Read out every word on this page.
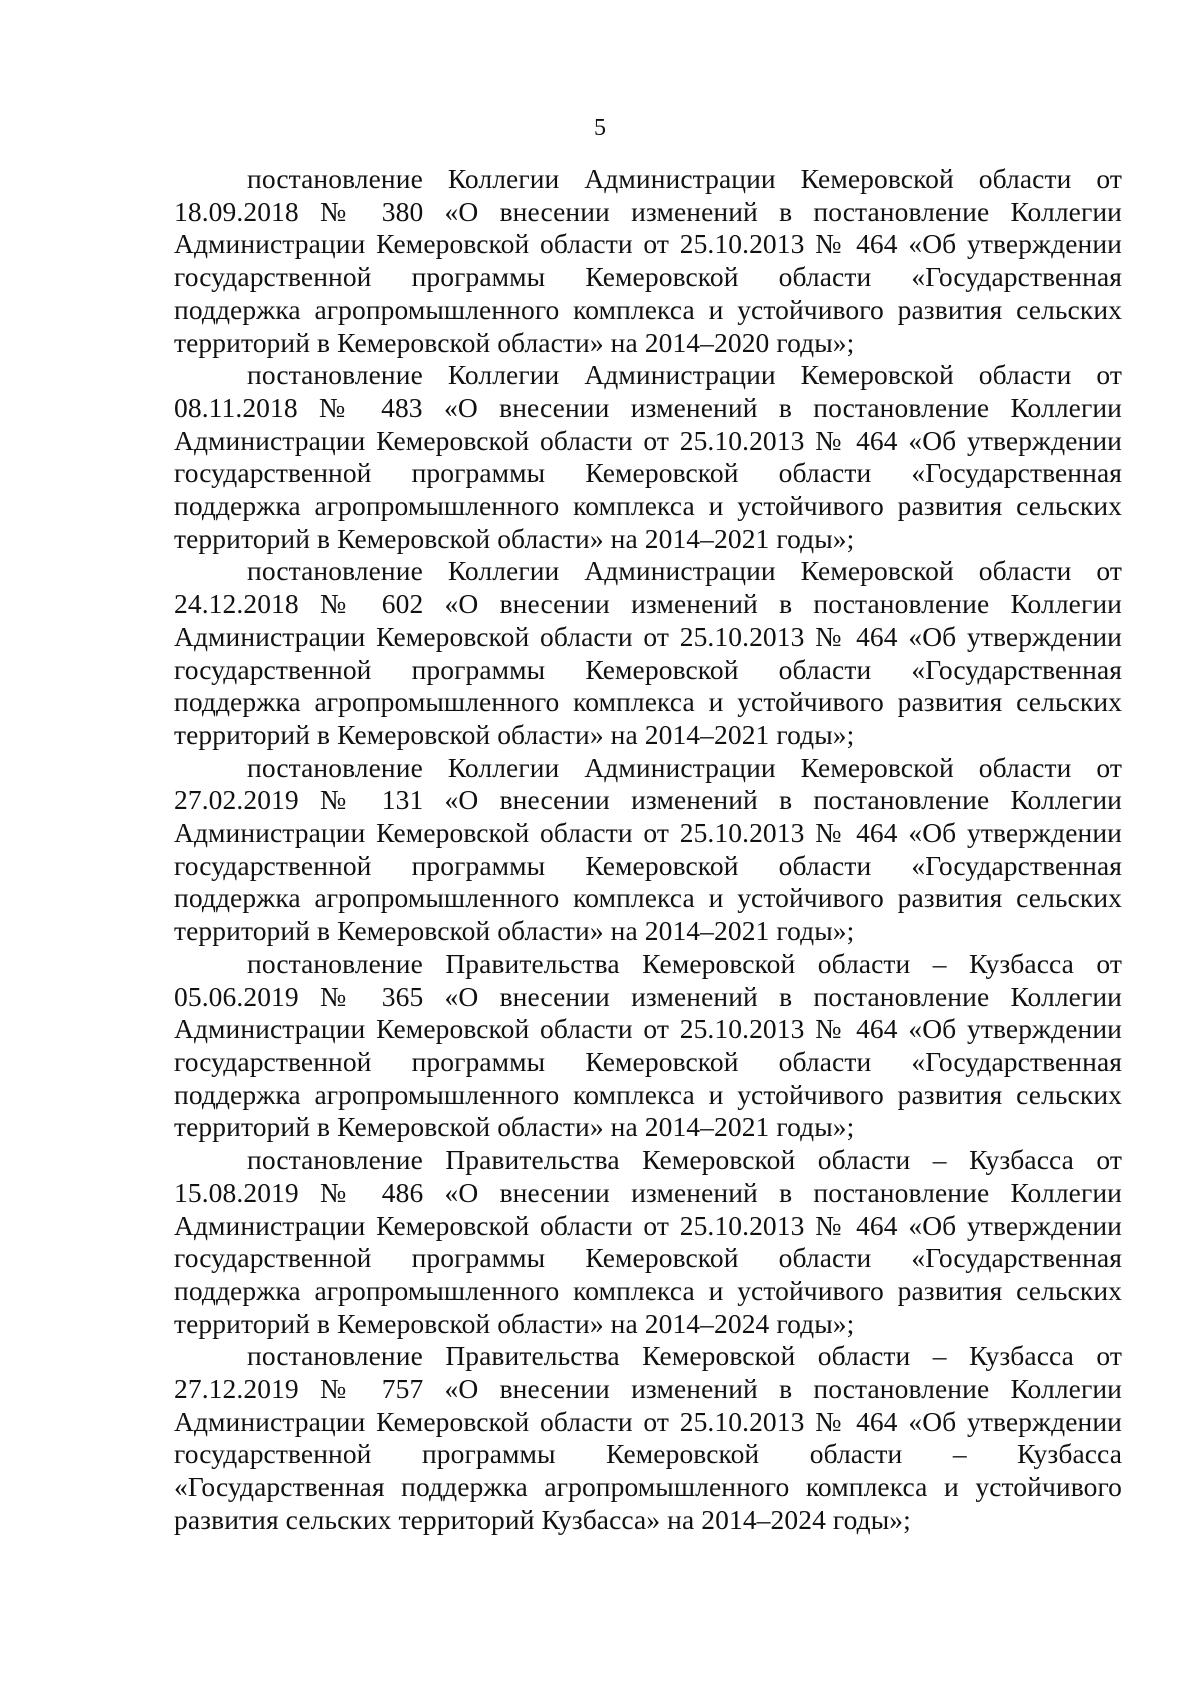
5

постановление Коллегии Администрации Кемеровской области от 18.09.2018 № 380 «О внесении изменений в постановление Коллегии Администрации Кемеровской области от 25.10.2013 № 464 «Об утверждении государственной программы Кемеровской области «Государственная поддержка агропромышленного комплекса и устойчивого развития сельских территорий в Кемеровской области» на 2014–2020 годы»;

постановление Коллегии Администрации Кемеровской области от 08.11.2018 № 483 «О внесении изменений в постановление Коллегии Администрации Кемеровской области от 25.10.2013 № 464 «Об утверждении государственной программы Кемеровской области «Государственная поддержка агропромышленного комплекса и устойчивого развития сельских территорий в Кемеровской области» на 2014–2021 годы»;

постановление Коллегии Администрации Кемеровской области от 24.12.2018 № 602 «О внесении изменений в постановление Коллегии Администрации Кемеровской области от 25.10.2013 № 464 «Об утверждении государственной программы Кемеровской области «Государственная поддержка агропромышленного комплекса и устойчивого развития сельских территорий в Кемеровской области» на 2014–2021 годы»;

постановление Коллегии Администрации Кемеровской области от 27.02.2019 № 131 «О внесении изменений в постановление Коллегии Администрации Кемеровской области от 25.10.2013 № 464 «Об утверждении государственной программы Кемеровской области «Государственная поддержка агропромышленного комплекса и устойчивого развития сельских территорий в Кемеровской области» на 2014–2021 годы»;

постановление Правительства Кемеровской области – Кузбасса от 05.06.2019 № 365 «О внесении изменений в постановление Коллегии Администрации Кемеровской области от 25.10.2013 № 464 «Об утверждении государственной программы Кемеровской области «Государственная поддержка агропромышленного комплекса и устойчивого развития сельских территорий в Кемеровской области» на 2014–2021 годы»;

постановление Правительства Кемеровской области – Кузбасса от 15.08.2019 № 486 «О внесении изменений в постановление Коллегии Администрации Кемеровской области от 25.10.2013 № 464 «Об утверждении государственной программы Кемеровской области «Государственная поддержка агропромышленного комплекса и устойчивого развития сельских территорий в Кемеровской области» на 2014–2024 годы»;

постановление Правительства Кемеровской области – Кузбасса от 27.12.2019 № 757 «О внесении изменений в постановление Коллегии Администрации Кемеровской области от 25.10.2013 № 464 «Об утверждении государственной программы Кемеровской области – Кузбасса «Государственная поддержка агропромышленного комплекса и устойчивого развития сельских территорий Кузбасса» на 2014–2024 годы»;
